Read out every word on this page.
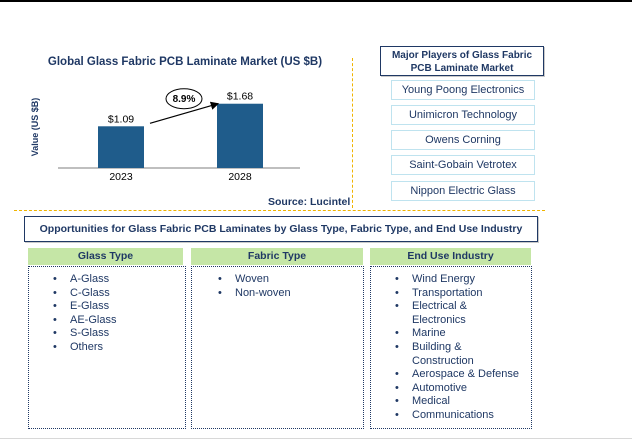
Global Glass Fabric PCB Laminate Market (US $B)
Value (US $B)	$1.09
2023
$1.68
2028
8.9%
Source: Lucintel
Major Players of Glass Fabric PCB Laminate Market
Young Poong Electronics
Unimicron Technology
Owens Corning
Saint-Gobain Vetrotex
Nippon Electric Glass
Opportunities for Glass Fabric PCB Laminates by Glass Type, Fabric Type, and End Use Industry
Glass Type	Fabric Type	End Use Industry
• A-Glass
• C-Glass
• E-Glass
• AE-Glass
• S-Glass
• Others
• Woven
• Non-woven
• Wind Energy
• Transportation
• Electrical &
Electronics
• Marine
• Building &
Construction
• Aerospace & Defense
• Automotive
• Medical
• Communications
